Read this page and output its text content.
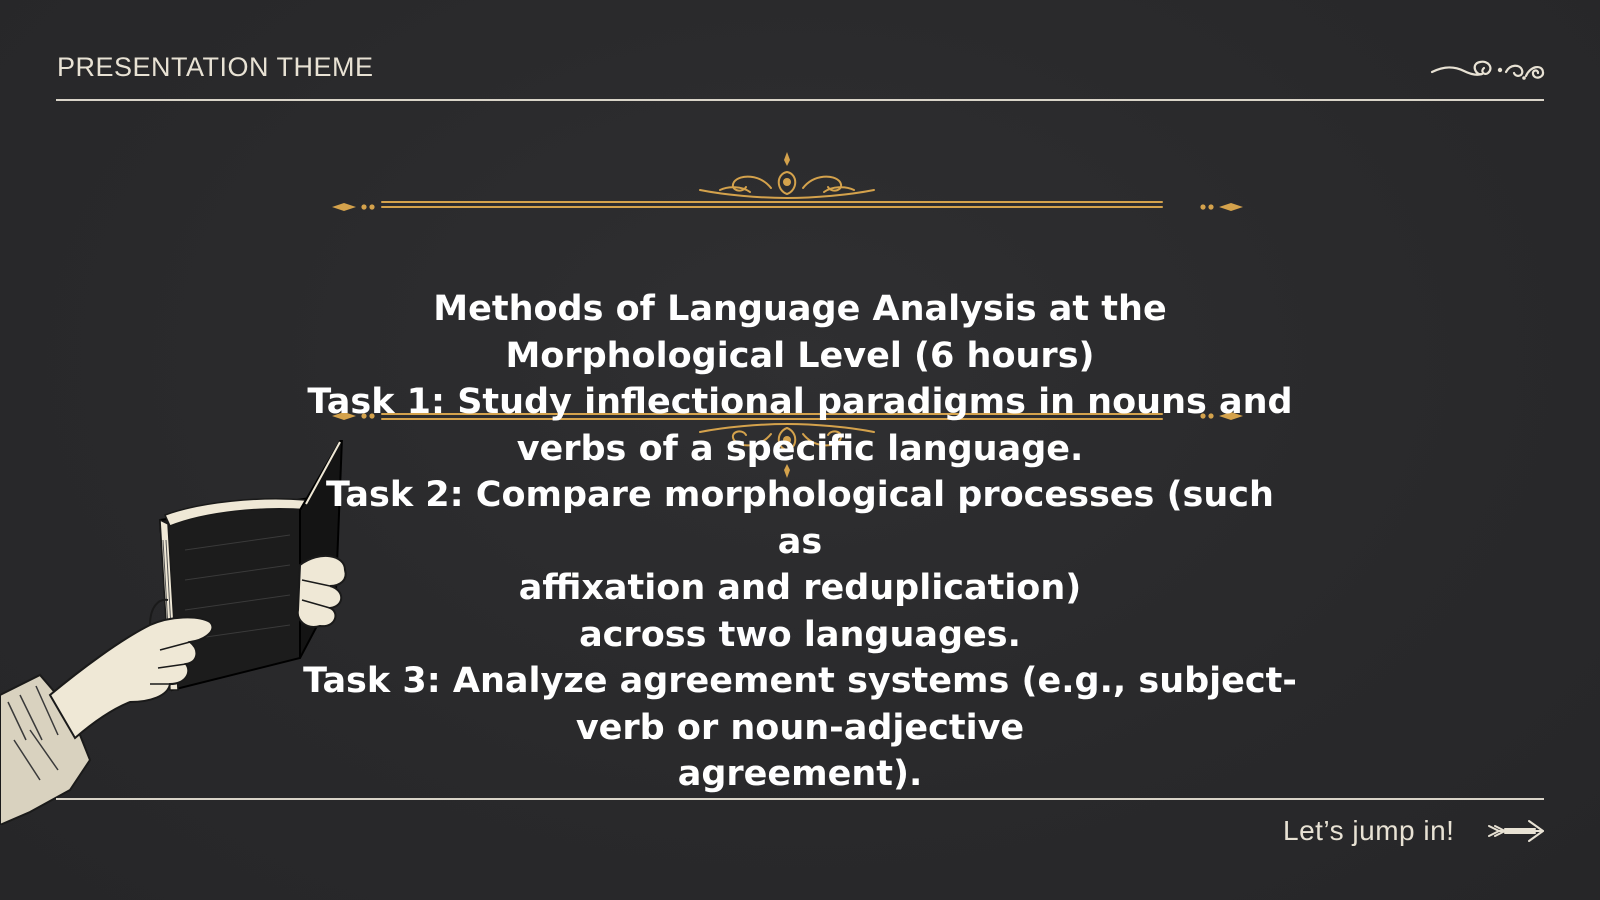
PRESENTATION THEME
Methods of Language Analysis at the
Morphological Level (6 hours)
Task 1: Study inflectional paradigms in nouns and
verbs of a specific language.
Task 2: Compare morphological processes (such as
affixation and reduplication)
across two languages.
Task 3: Analyze agreement systems (e.g., subject-
verb or noun-adjective
agreement).
Let’s jump in!
